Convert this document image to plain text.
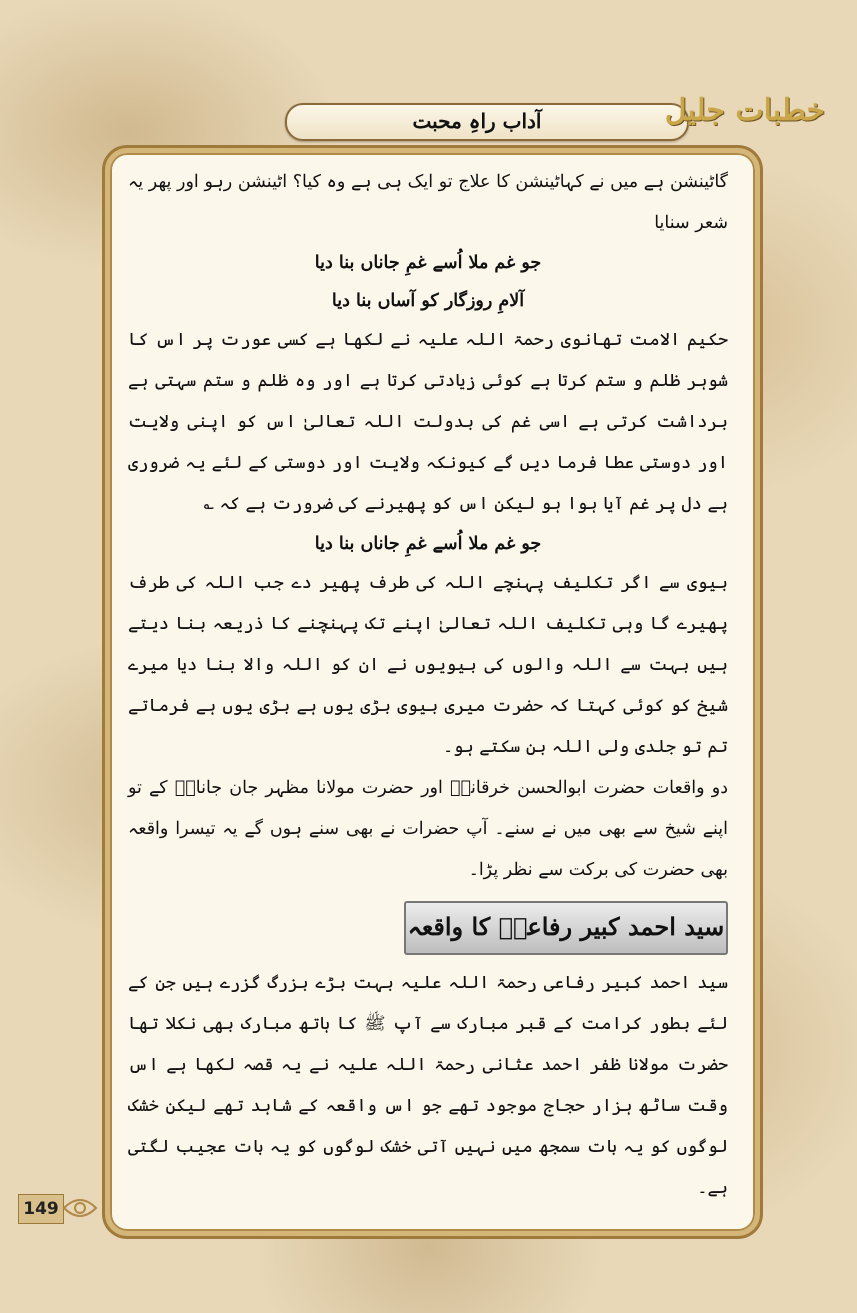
آداب راہِ محبت	خطبات جلیل

گاٹینشن ہے میں نے کہاٹینشن کا علاج تو ایک ہی ہے وہ کیا؟ اٹینشن رہو اور پھر یہ شعر سنایا

جو غم ملا اُسے غمِ جاناں بنا دیا

آلامِ روزگار کو آساں بنا دیا

حکیم الامت تھانوی رحمۃ اللہ علیہ نے لکھا ہے کسی عورت پر اس کا شوہر ظلم و ستم کرتا ہے کوئی زیادتی کرتا ہے اور وہ ظلم و ستم سہتی ہے برداشت کرتی ہے اسی غم کی بدولت اللہ تعالیٰ اس کو اپنی ولایت اور دوستی عطا فرما دیں گے کیونکہ ولایت اور دوستی کے لئے یہ ضروری ہے دل پر غم آیا ہوا ہو لیکن اس کو پھیرنے کی ضرورت ہے کہ ؎

جو غم ملا اُسے غمِ جاناں بنا دیا

بیوی سے اگر تکلیف پہنچے اللہ کی طرف پھیر دے جب اللہ کی طرف پھیرے گا وہی تکلیف اللہ تعالیٰ اپنے تک پہنچنے کا ذریعہ بنا دیتے ہیں بہت سے اللہ والوں کی بیویوں نے ان کو اللہ والا بنا دیا میرے شیخ کو کوئی کہتا کہ حضرت میری بیوی بڑی یوں ہے بڑی یوں ہے فرماتے تم تو جلدی ولی اللہ بن سکتے ہو۔

دو واقعات حضرت ابوالحسن خرقانیؒ اور حضرت مولانا مظہر جان جاناںؒ کے تو اپنے شیخ سے بھی میں نے سنے۔ آپ حضرات نے بھی سنے ہوں گے یہ تیسرا واقعہ بھی حضرت کی برکت سے نظر پڑا۔

سید احمد کبیر رفاعیؒ کا واقعہ

سید احمد کبیر رفاعی رحمۃ اللہ علیہ بہت بڑے بزرگ گزرے ہیں جن کے لئے بطور کرامت کے قبر مبارک سے آپ ﷺ کا ہاتھ مبارک بھی نکلا تھا حضرت مولانا ظفر احمد عثانی رحمۃ اللہ علیہ نے یہ قصہ لکھا ہے اس وقت ساٹھ ہزار حجاج موجود تھے جو اس واقعہ کے شاہد تھے لیکن خشک لوگوں کو یہ بات سمجھ میں نہیں آتی خشک لوگوں کو یہ بات عجیب لگتی ہے۔

149
